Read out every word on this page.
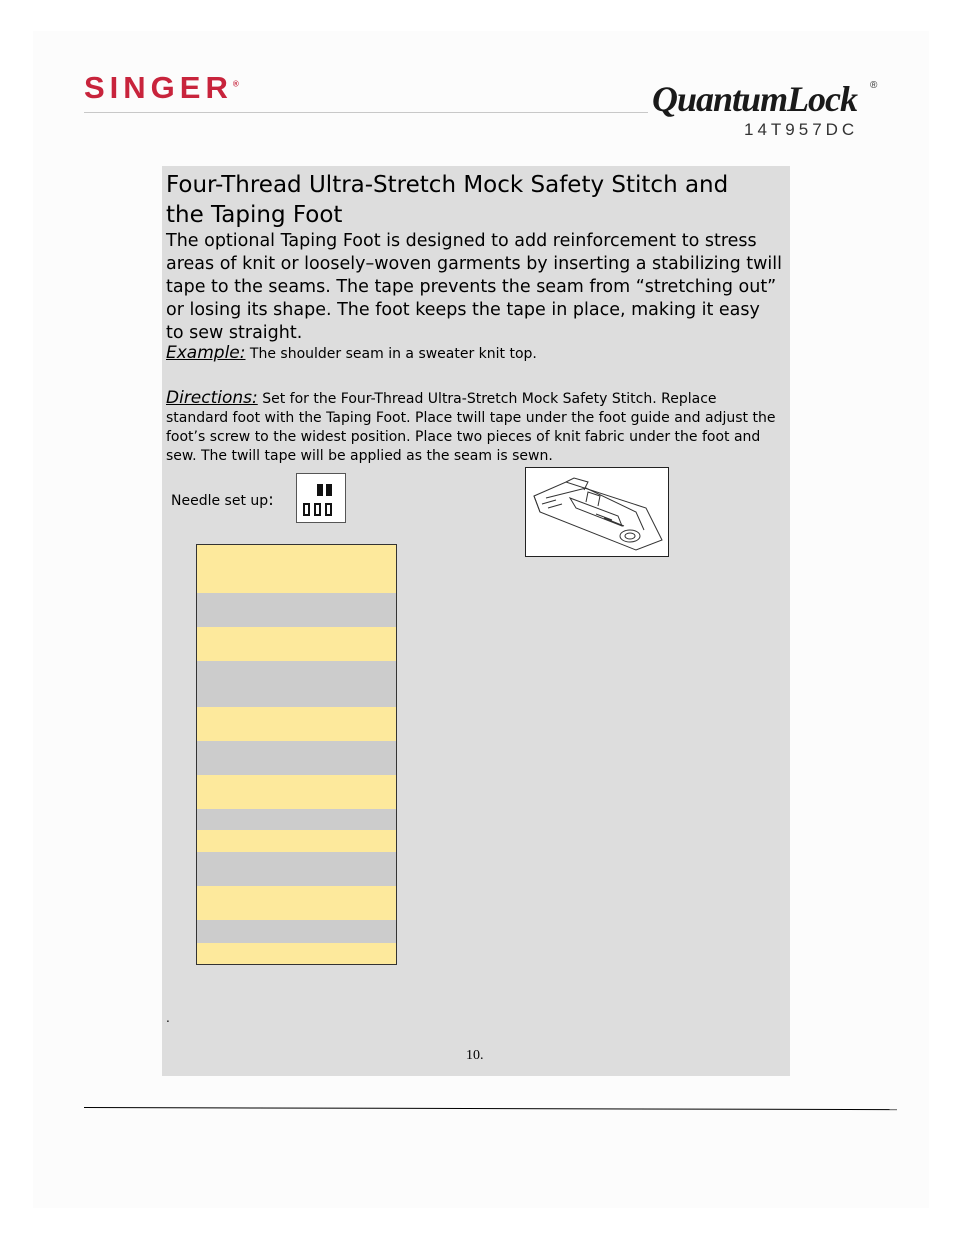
SINGER®	QuantumLock ®
14T957DC
Four-Thread Ultra-Stretch Mock Safety Stitch and
the Taping Foot

The optional Taping Foot is designed to add reinforcement to stress areas of knit or loosely–woven garments by inserting a stabilizing twill tape to the seams. The tape prevents the seam from “stretching out” or losing its shape. The foot keeps the tape in place, making it easy to sew straight.

Example: The shoulder seam in a sweater knit top.

Directions: Set for the Four-Thread Ultra-Stretch Mock Safety Stitch. Replace standard foot with the Taping Foot. Place twill tape under the foot guide and adjust the foot’s screw to the widest position. Place two pieces of knit fabric under the foot and sew. The twill tape will be applied as the seam is sewn.

Needle set up:
.
10.
